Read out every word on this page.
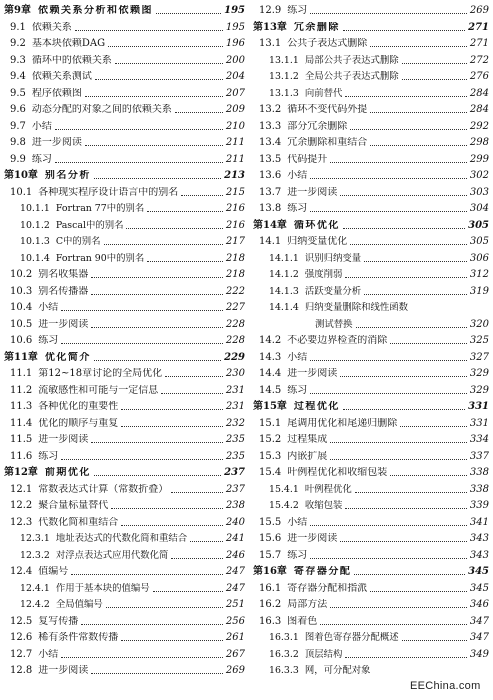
第9章 依赖关系分析和依赖图	195
9.1 依赖关系	195
9.2 基本块依赖DAG	196
9.3 循环中的依赖关系	200
9.4 依赖关系测试	204
9.5 程序依赖图	207
9.6 动态分配的对象之间的依赖关系	209
9.7 小结	210
9.8 进一步阅读	211
9.9 练习	211
第10章 别名分析	213
10.1 各种现实程序设计语言中的别名	215
10.1.1 Fortran 77中的别名	216
10.1.2 Pascal中的别名	216
10.1.3 C中的别名	217
10.1.4 Fortran 90中的别名	218
10.2 别名收集器	218
10.3 别名传播器	222
10.4 小结	227
10.5 进一步阅读	228
10.6 练习	228
第11章 优化简介	229
11.1 第12~18章讨论的全局优化	230
11.2 流敏感性和可能与一定信息	231
11.3 各种优化的重要性	231
11.4 优化的顺序与重复	232
11.5 进一步阅读	235
11.6 练习	235
第12章 前期优化	237
12.1 常数表达式计算（常数折叠）	237
12.2 聚合量标量替代	238
12.3 代数化简和重结合	240
12.3.1 地址表达式的代数化简和重结合	241
12.3.2 对浮点表达式应用代数化简	246
12.4 值编号	247
12.4.1 作用于基本块的值编号	247
12.4.2 全局值编号	251
12.5 复写传播	256
12.6 稀有条件常数传播	261
12.7 小结	267
12.8 进一步阅读	269
12.9 练习	269
第13章 冗余删除	271
13.1 公共子表达式删除	271
13.1.1 局部公共子表达式删除	272
13.1.2 全局公共子表达式删除	276
13.1.3 向前替代	284
13.2 循环不变代码外提	284
13.3 部分冗余删除	292
13.4 冗余删除和重结合	298
13.5 代码提升	299
13.6 小结	302
13.7 进一步阅读	303
13.8 练习	304
第14章 循环优化	305
14.1 归纳变量优化	305
14.1.1 识别归纳变量	306
14.1.2 强度削弱	312
14.1.3 活跃变量分析	319
14.1.4 归纳变量删除和线性函数
测试替换	320
14.2 不必要边界检查的消除	325
14.3 小结	327
14.4 进一步阅读	329
14.5 练习	329
第15章 过程优化	331
15.1 尾调用优化和尾递归删除	331
15.2 过程集成	334
15.3 内嵌扩展	337
15.4 叶例程优化和收缩包装	338
15.4.1 叶例程优化	338
15.4.2 收缩包装	339
15.5 小结	341
15.6 进一步阅读	343
15.7 练习	343
第16章 寄存器分配	345
16.1 寄存器分配和指派	345
16.2 局部方法	346
16.3 图着色	347
16.3.1 图着色寄存器分配概述	347
16.3.2 顶层结构	349
16.3.3 网，可分配对象
EEChina.com
